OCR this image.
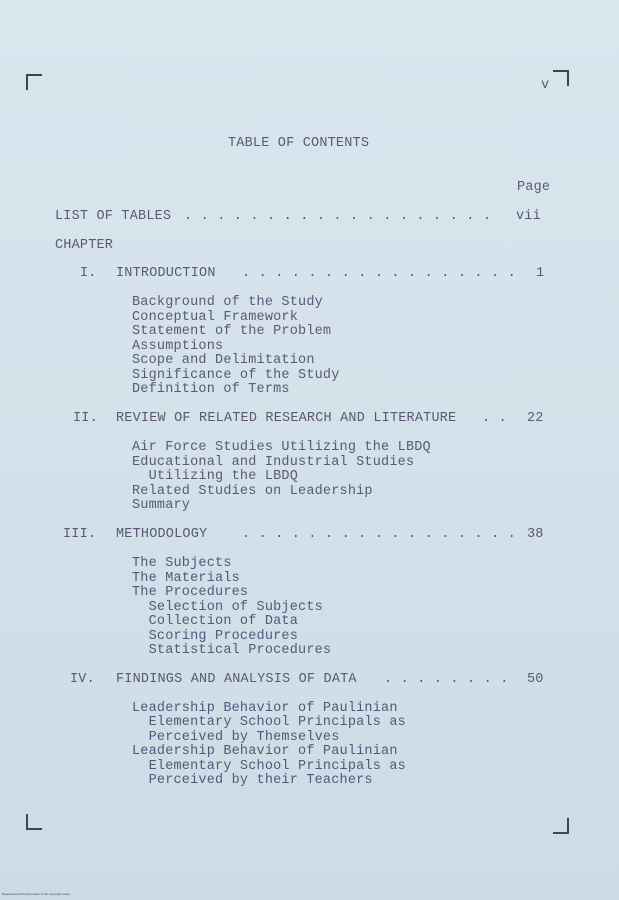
v
TABLE OF CONTENTS
Page
LIST OF TABLES . . . . . . . . . . . . . . . . . . . vii
CHAPTER
I. INTRODUCTION . . . . . . . . . . . . . . . . . 1
Background of the Study
Conceptual Framework
Statement of the Problem
Assumptions
Scope and Delimitation
Significance of the Study
Definition of Terms
II. REVIEW OF RELATED RESEARCH AND LITERATURE . . 22
Air Force Studies Utilizing the LBDQ
Educational and Industrial Studies
Utilizing the LBDQ
Related Studies on Leadership
Summary
III. METHODOLOGY	. . . . . . . . . . . . . . . . . 38
The Subjects
The Materials
The Procedures
Selection of Subjects
Collection of Data
Scoring Procedures
Statistical Procedures
IV. FINDINGS AND ANALYSIS OF DATA . . . . . . . . 50
Leadership Behavior of Paulinian
Elementary School Principals as
Perceived by Themselves
Leadership Behavior of Paulinian
Elementary School Principals as
Perceived by their Teachers
Reproduced with permission of the copyright owner
